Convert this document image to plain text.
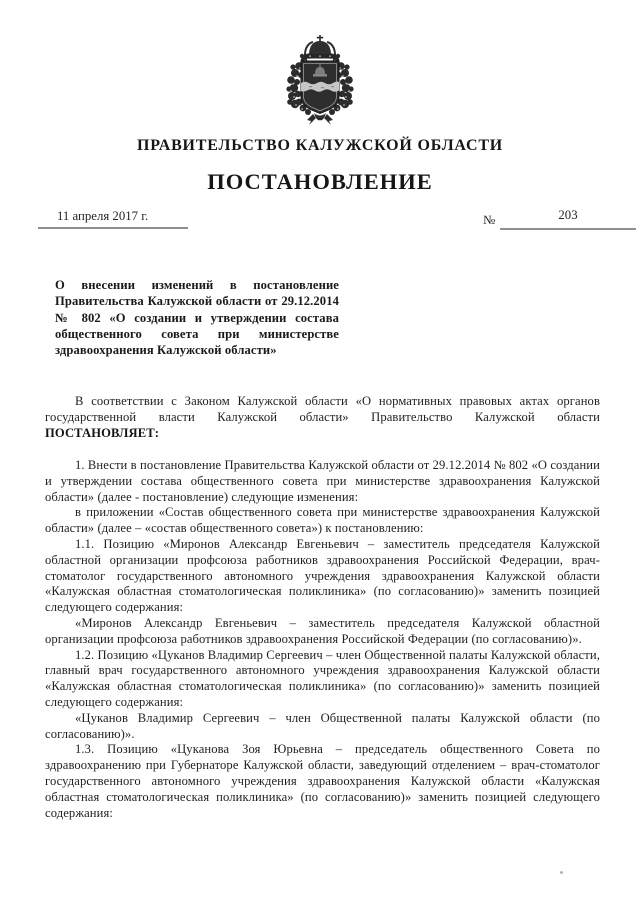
ПРАВИТЕЛЬСТВО КАЛУЖСКОЙ ОБЛАСТИ
ПОСТАНОВЛЕНИЕ
11 апреля 2017 г.	№	203
О внесении изменений в постановление Правительства Калужской области от 29.12.2014 № 802 «О создании и утверждении состава общественного совета при министерстве здравоохранения Калужской области»

В соответствии с Законом Калужской области «О нормативных правовых актах органов государственной власти Калужской области» Правительство Калужской области ПОСТАНОВЛЯЕТ:

1. Внести в постановление Правительства Калужской области от 29.12.2014 № 802 «О создании и утверждении состава общественного совета при министерстве здравоохранения Калужской области» (далее - постановление) следующие изменения:

в приложении «Состав общественного совета при министерстве здравоохранения Калужской области» (далее – «состав общественного совета») к постановлению:

1.1. Позицию «Миронов Александр Евгеньевич – заместитель председателя Калужской областной организации профсоюза работников здравоохранения Российской Федерации, врач-стоматолог государственного автономного учреждения здравоохранения Калужской области «Калужская областная стоматологическая поликлиника» (по согласованию)» заменить позицией следующего содержания:

«Миронов Александр Евгеньевич – заместитель председателя Калужской областной организации профсоюза работников здравоохранения Российской Федерации (по согласованию)».

1.2. Позицию «Цуканов Владимир Сергеевич – член Общественной палаты Калужской области, главный врач государственного автономного учреждения здравоохранения Калужской области «Калужская областная стоматологическая поликлиника» (по согласованию)» заменить позицией следующего содержания:

«Цуканов Владимир Сергеевич – член Общественной палаты Калужской области (по согласованию)».

1.3. Позицию «Цуканова Зоя Юрьевна – председатель общественного Совета по здравоохранению при Губернаторе Калужской области, заведующий отделением – врач-стоматолог государственного автономного учреждения здравоохранения Калужской области «Калужская областная стоматологическая поликлиника» (по согласованию)» заменить позицией следующего содержания:
